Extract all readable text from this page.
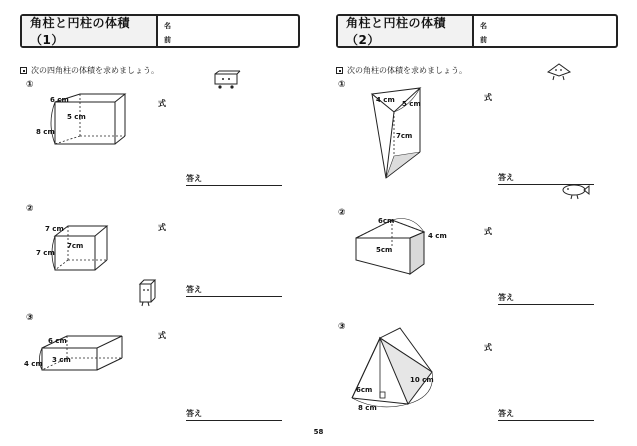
角柱と円柱の体積（1）
名
前
次の四角柱の体積を求めましょう。
①
6 cm
5 cm
8 cm
式
答え
②
7 cm
7cm
7 cm
式
答え
③
6 cm
3 cm
4 cm
式
答え
角柱と円柱の体積（2）
名
前
次の角柱の体積を求めましょう。
①
4 cm 5 cm
7cm
式
答え
②
6cm
4 cm
5cm
式
答え
③
6cm
8 cm
10 cm
式
答え
58
